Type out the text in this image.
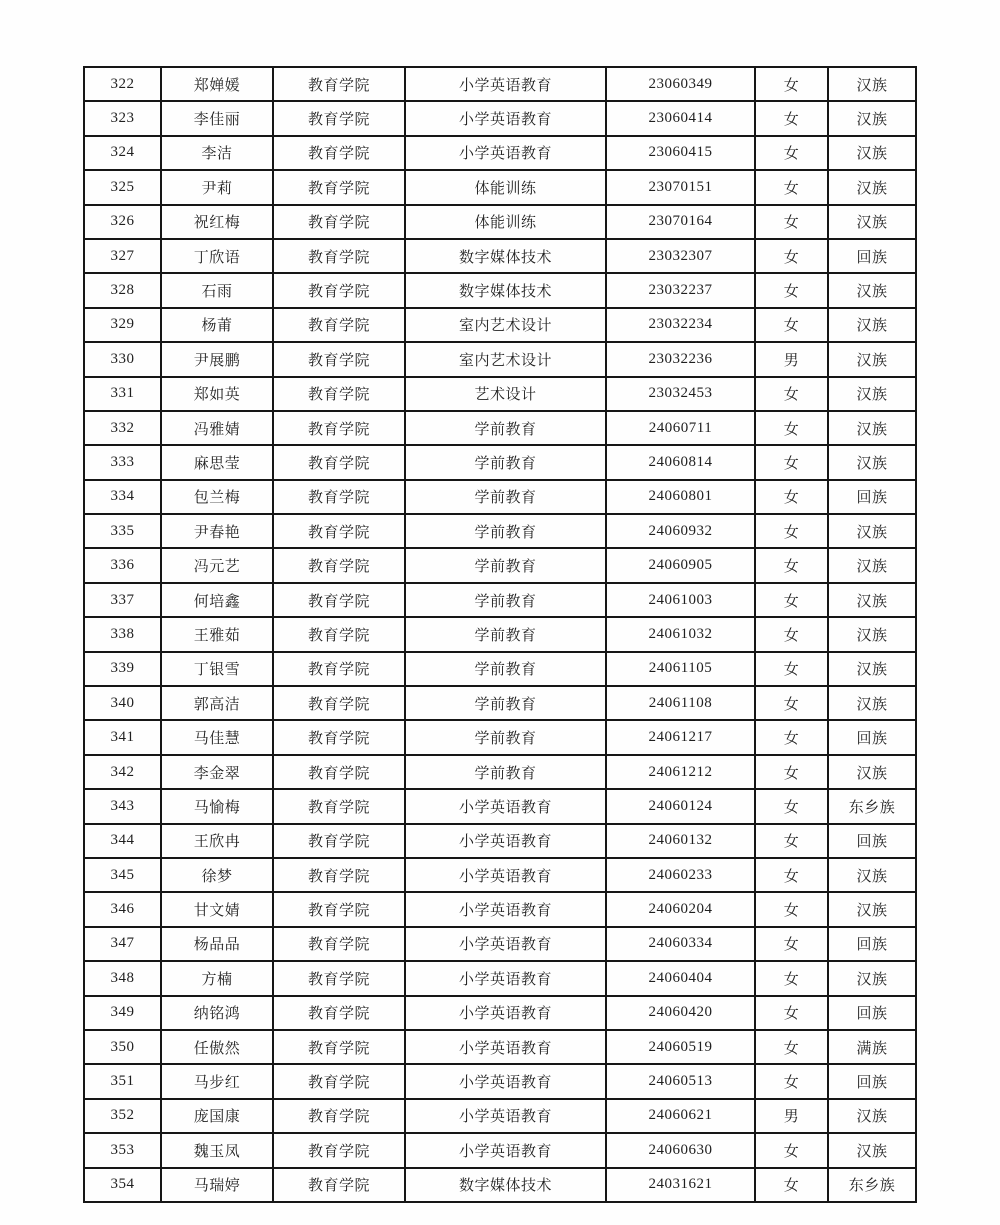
322	郑婵媛	教育学院	小学英语教育	23060349	女	汉族
323	李佳丽	教育学院	小学英语教育	23060414	女	汉族
324	李洁	教育学院	小学英语教育	23060415	女	汉族
325	尹莉	教育学院	体能训练	23070151	女	汉族
326	祝红梅	教育学院	体能训练	23070164	女	汉族
327	丁欣语	教育学院	数字媒体技术	23032307	女	回族
328	石雨	教育学院	数字媒体技术	23032237	女	汉族
329	杨莆	教育学院	室内艺术设计	23032234	女	汉族
330	尹展鹏	教育学院	室内艺术设计	23032236	男	汉族
331	郑如英	教育学院	艺术设计	23032453	女	汉族
332	冯雅婧	教育学院	学前教育	24060711	女	汉族
333	麻思莹	教育学院	学前教育	24060814	女	汉族
334	包兰梅	教育学院	学前教育	24060801	女	回族
335	尹春艳	教育学院	学前教育	24060932	女	汉族
336	冯元艺	教育学院	学前教育	24060905	女	汉族
337	何培鑫	教育学院	学前教育	24061003	女	汉族
338	王雅茹	教育学院	学前教育	24061032	女	汉族
339	丁银雪	教育学院	学前教育	24061105	女	汉族
340	郭高洁	教育学院	学前教育	24061108	女	汉族
341	马佳慧	教育学院	学前教育	24061217	女	回族
342	李金翠	教育学院	学前教育	24061212	女	汉族
343	马愉梅	教育学院	小学英语教育	24060124	女	东乡族
344	王欣冉	教育学院	小学英语教育	24060132	女	回族
345	徐梦	教育学院	小学英语教育	24060233	女	汉族
346	甘文婧	教育学院	小学英语教育	24060204	女	汉族
347	杨品品	教育学院	小学英语教育	24060334	女	回族
348	方楠	教育学院	小学英语教育	24060404	女	汉族
349	纳铭鸿	教育学院	小学英语教育	24060420	女	回族
350	任傲然	教育学院	小学英语教育	24060519	女	满族
351	马步红	教育学院	小学英语教育	24060513	女	回族
352	庞国康	教育学院	小学英语教育	24060621	男	汉族
353	魏玉凤	教育学院	小学英语教育	24060630	女	汉族
354	马瑞婷	教育学院	数字媒体技术	24031621	女	东乡族
